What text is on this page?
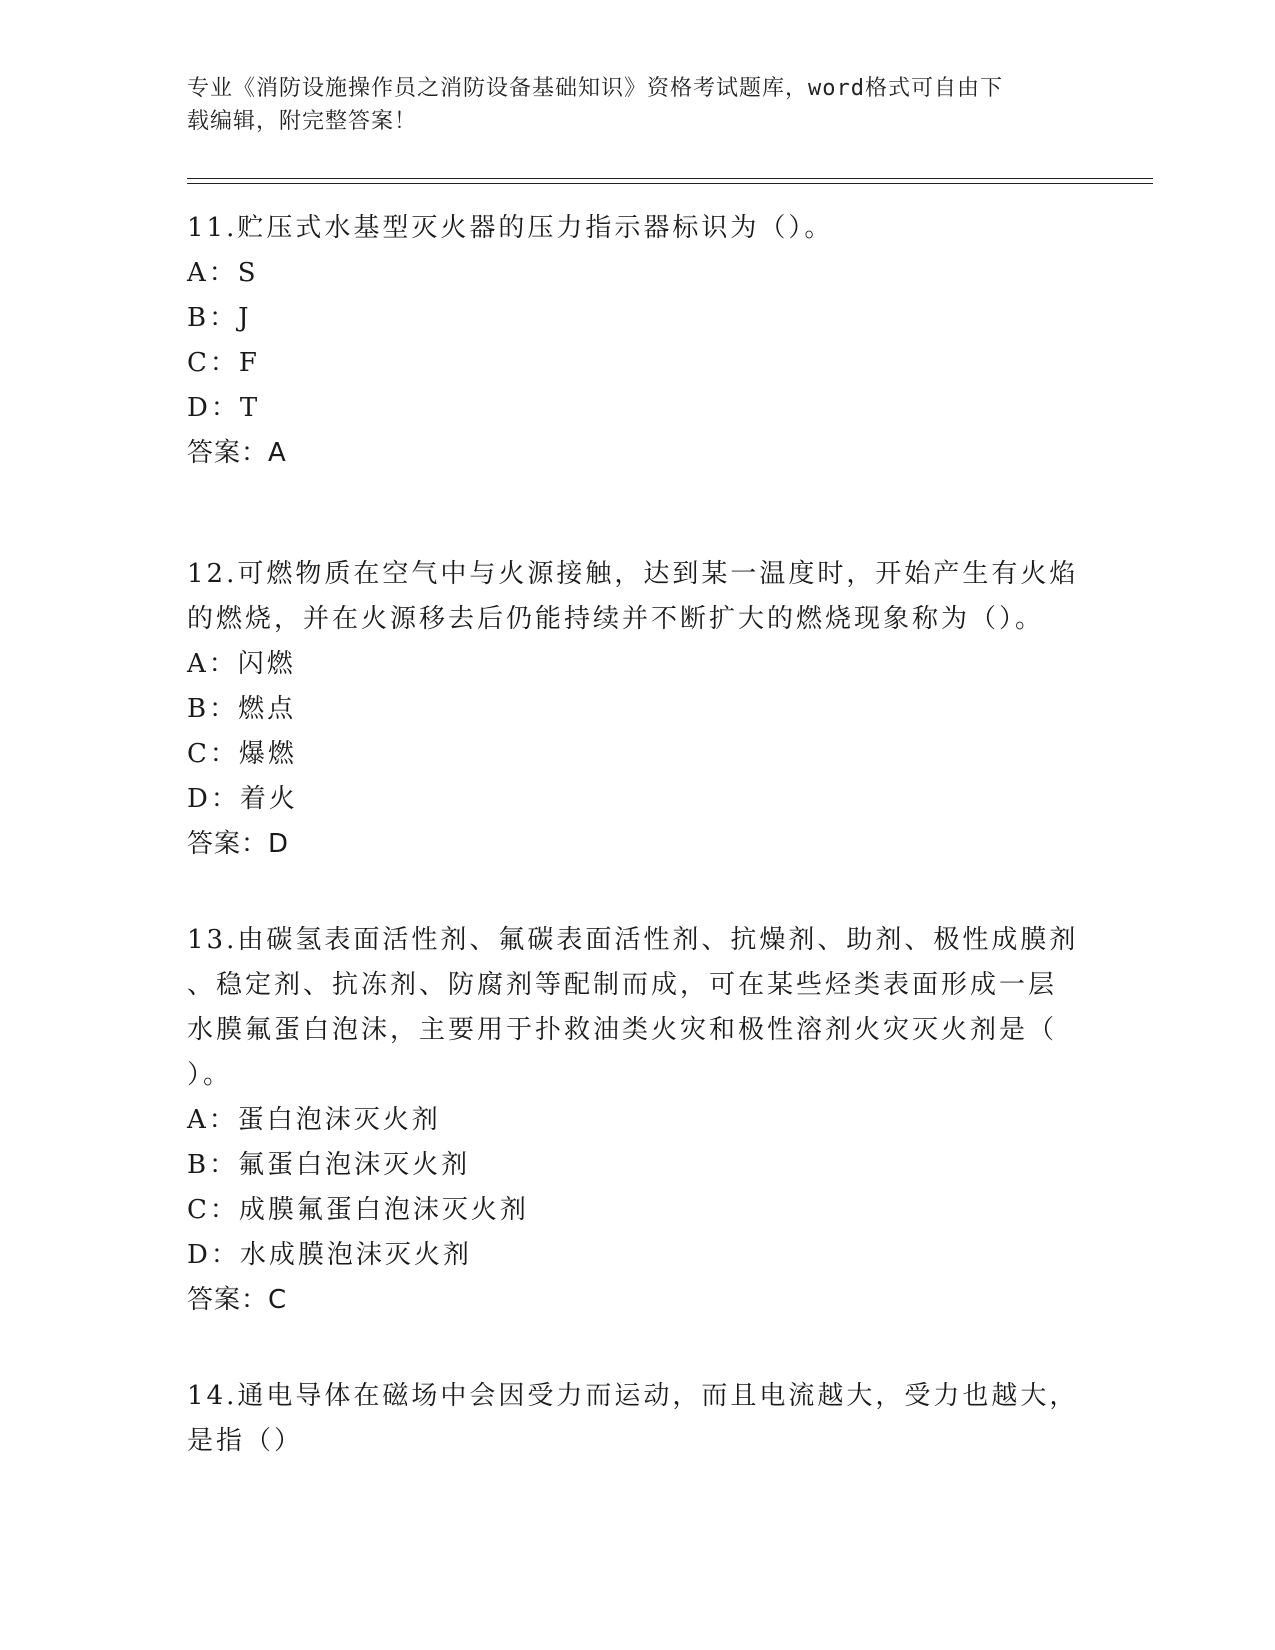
专业《消防设施操作员之消防设备基础知识》资格考试题库，word格式可自由下
载编辑，附完整答案！

11.贮压式水基型灭火器的压力指示器标识为（）。

A：S

B：J

C：F

D：T

答案：A

12.可燃物质在空气中与火源接触，达到某一温度时，开始产生有火焰

的燃烧，并在火源移去后仍能持续并不断扩大的燃烧现象称为（）。

A：闪燃

B：燃点

C：爆燃

D：着火

答案：D

13.由碳氢表面活性剂、氟碳表面活性剂、抗燥剂、助剂、极性成膜剂

、稳定剂、抗冻剂、防腐剂等配制而成，可在某些烃类表面形成一层

水膜氟蛋白泡沫，主要用于扑救油类火灾和极性溶剂火灾灭火剂是（

）。

A：蛋白泡沫灭火剂

B：氟蛋白泡沫灭火剂

C：成膜氟蛋白泡沫灭火剂

D：水成膜泡沫灭火剂

答案：C

14.通电导体在磁场中会因受力而运动，而且电流越大，受力也越大，

是指（）
